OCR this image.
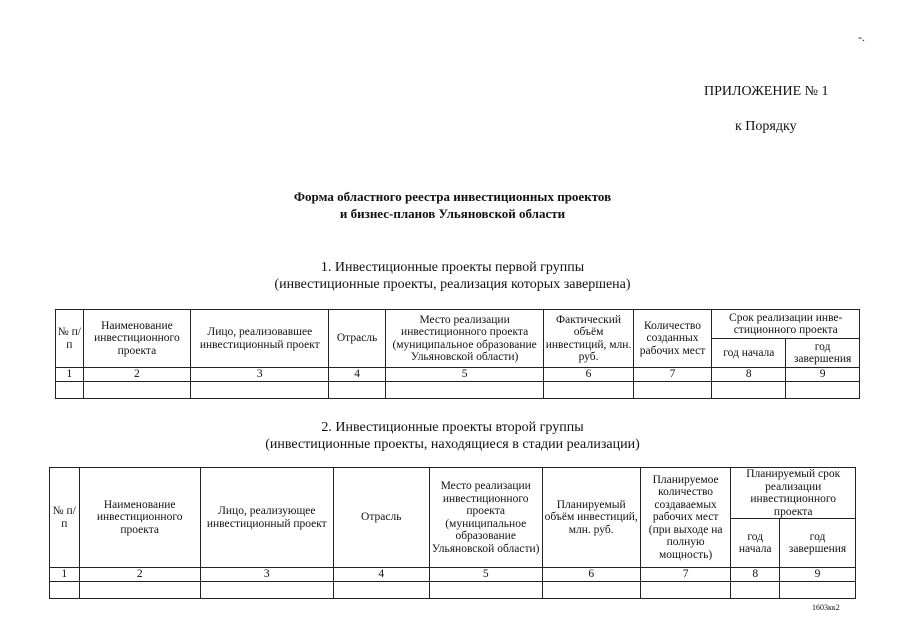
-.
ПРИЛОЖЕНИЕ № 1
к Порядку
Форма областного реестра инвестиционных проектов
и бизнес-планов Ульяновской области
1. Инвестиционные проекты первой группы
(инвестиционные проекты, реализация которых завершена)
№ п/п	Наименование инвестиционного проекта	Лицо, реализовавшее инвестиционный проект	Отрасль	Место реализации инвестиционного проекта (муниципальное образование Ульяновской области)	Фактический объём инвестиций, млн. руб.	Количество созданных рабочих мест	Срок реализации инве-стиционного проекта	
							год начала	год завершения
1	2	3	4	5	6	7	8	9

2. Инвестиционные проекты второй группы
(инвестиционные проекты, находящиеся в стадии реализации)
№ п/п	Наименование инвестиционного проекта	Лицо, реализующее инвестиционный проект	Отрасль	Место реализации инвестиционного проекта (муниципальное образование Ульяновской области)	Планируемый объём инвестиций, млн. руб.	Планируемое количество создаваемых рабочих мест (при выходе на полную мощность)	Планируемый срок реализации инвестиционного проекта	
							год начала	год завершения
1	2	3	4	5	6	7	8	9

1603кк2
